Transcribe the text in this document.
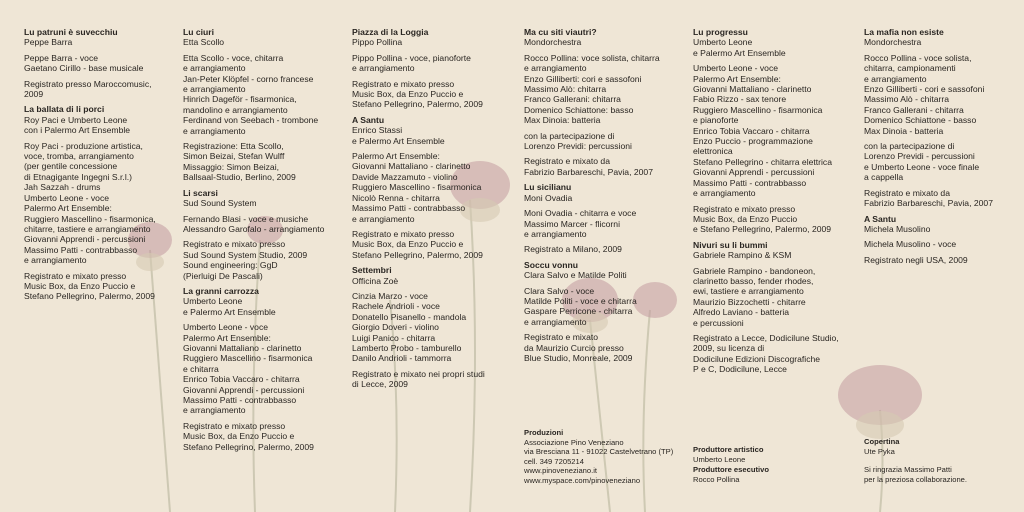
Lu patruni è suvecchiu
Peppe Barra
Peppe Barra - voce
Gaetano Cirillo - base musicale
Registrato presso Maroccomusic,
2009
La ballata di li porci
Roy Paci e Umberto Leone
con i Palermo Art Ensemble
Roy Paci - produzione artistica,
voce, tromba, arrangiamento
(per gentile concessione
di Etnagigante Ingegni S.r.l.)
Jah Sazzah - drums
Umberto Leone - voce
Palermo Art Ensemble:
Ruggiero Mascellino - fisarmonica,
chitarre, tastiere e arrangiamento
Giovanni Apprendi - percussioni
Massimo Patti - contrabbasso
e arrangiamento
Registrato e mixato presso
Music Box, da Enzo Puccio e
Stefano Pellegrino, Palermo, 2009
Lu ciuri
Etta Scollo
Etta Scollo - voce, chitarra
e arrangiamento
Jan-Peter Klöpfel - corno francese
e arrangiamento
Hinrich Dageför - fisarmonica,
mandolino e arrangiamento
Ferdinand von Seebach - trombone
e arrangiamento
Registrazione: Etta Scollo,
Simon Beizai, Stefan Wulff
Missaggio: Simon Beizai,
Ballsaal-Studio, Berlino, 2009
Li scarsi
Sud Sound System
Fernando Blasi - voce e musiche
Alessandro Garofalo - arrangiamento
Registrato e mixato presso
Sud Sound System Studio, 2009
Sound engineering: GgD
(Pierluigi De Pascali)
La granni carrozza
Umberto Leone
e Palermo Art Ensemble
Umberto Leone - voce
Palermo Art Ensemble:
Giovanni Mattaliano - clarinetto
Ruggiero Mascellino - fisarmonica
e chitarra
Enrico Tobia Vaccaro - chitarra
Giovanni Apprendi - percussioni
Massimo Patti - contrabbasso
e arrangiamento
Registrato e mixato presso
Music Box, da Enzo Puccio e
Stefano Pellegrino, Palermo, 2009
Piazza di la Loggia
Pippo Pollina
Pippo Pollina - voce, pianoforte
e arrangiamento
Registrato e mixato presso
Music Box, da Enzo Puccio e
Stefano Pellegrino, Palermo, 2009
A Santu
Enrico Stassi
e Palermo Art Ensemble
Palermo Art Ensemble:
Giovanni Mattaliano - clarinetto
Davide Mazzamuto - violino
Ruggiero Mascellino - fisarmonica
Nicolò Renna - chitarra
Massimo Patti - contrabbasso
e arrangiamento
Registrato e mixato presso
Music Box, da Enzo Puccio e
Stefano Pellegrino, Palermo, 2009
Settembri
Officina Zoè
Cinzia Marzo - voce
Rachele Andrioli - voce
Donatello Pisanello - mandola
Giorgio Doveri - violino
Luigi Panico - chitarra
Lamberto Probo - tamburello
Danilo Andrioli - tammorra
Registrato e mixato nei propri studi
di Lecce, 2009
Ma cu siti viautri?
Mondorchestra
Rocco Pollina: voce solista, chitarra
e arrangiamento
Enzo Gilliberti: cori e sassofoni
Massimo Alò: chitarra
Franco Gallerani: chitarra
Domenico Schiattone: basso
Max Dinoia: batteria
con la partecipazione di
Lorenzo Previdi: percussioni
Registrato e mixato da
Fabrizio Barbareschi, Pavia, 2007
Lu sicilianu
Moni Ovadia
Moni Ovadia - chitarra e voce
Massimo Marcer - flicorni
e arrangiamento
Registrato a Milano, 2009
Soccu vonnu
Clara Salvo e Matilde Politi
Clara Salvo - voce
Matilde Politi - voce e chitarra
Gaspare Perricone - chitarra
e arrangiamento
Registrato e mixato
da Maurizio Curcio presso
Blue Studio, Monreale, 2009
Lu progressu
Umberto Leone
e Palermo Art Ensemble
Umberto Leone - voce
Palermo Art Ensemble:
Giovanni Mattaliano - clarinetto
Fabio Rizzo - sax tenore
Ruggiero Mascellino - fisarmonica
e pianoforte
Enrico Tobia Vaccaro - chitarra
Enzo Puccio - programmazione
elettronica
Stefano Pellegrino - chitarra elettrica
Giovanni Apprendi - percussioni
Massimo Patti - contrabbasso
e arrangiamento
Registrato e mixato presso
Music Box, da Enzo Puccio
e Stefano Pellegrino, Palermo, 2009
Nivuri su li bummi
Gabriele Rampino & KSM
Gabriele Rampino - bandoneon,
clarinetto basso, fender rhodes,
ewi, tastiere e arrangiamento
Maurizio Bizzochetti - chitarre
Alfredo Laviano - batteria
e percussioni
Registrato a Lecce, Dodicilune Studio,
2009, su licenza di
Dodicilune Edizioni Discografiche
P e C, Dodicilune, Lecce
La mafia non esiste
Mondorchestra
Rocco Pollina - voce solista,
chitarra, campionamenti
e arrangiamento
Enzo Gilliberti - cori e sassofoni
Massimo Alò - chitarra
Franco Gallerani - chitarra
Domenico Schiattone - basso
Max Dinoia - batteria
con la partecipazione di
Lorenzo Previdi - percussioni
e Umberto Leone - voce finale
a cappella
Registrato e mixato da
Fabrizio Barbareschi, Pavia, 2007
A Santu
Michela Musolino
Michela Musolino - voce
Registrato negli USA, 2009
Produzioni
Associazione Pino Veneziano
via Bresciana 11 - 91022 Castelvetrano (TP)
cell. 349 7205214
www.pinoveneziano.it
www.myspace.com/pinoveneziano
Produttore artistico
Umberto Leone
Produttore esecutivo
Rocco Pollina
Copertina
Ute Pyka
Si ringrazia Massimo Patti
per la preziosa collaborazione.
